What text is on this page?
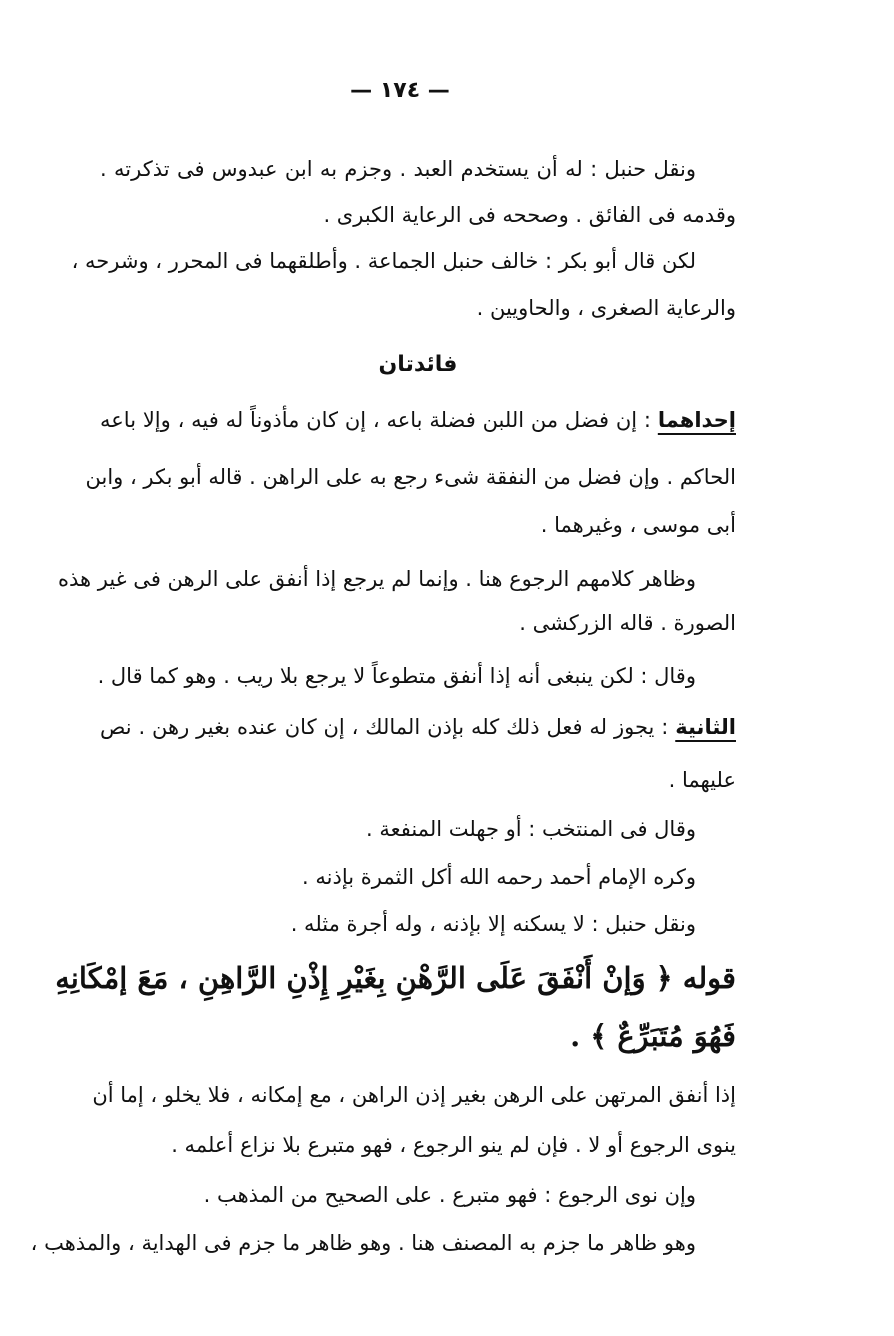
— ١٧٤ —
ونقل حنبل : له أن يستخدم العبد . وجزم به ابن عبدوس فى تذكرته .
وقدمه فى الفائق . وصححه فى الرعاية الكبرى .
لكن قال أبو بكر : خالف حنبل الجماعة . وأطلقهما فى المحرر ، وشرحه ،
والرعاية الصغرى ، والحاويين .
فائدتان
إحداهما : إن فضل من اللبن فضلة باعه ، إن كان مأذوناً له فيه ، وإلا باعه
الحاكم . وإن فضل من النفقة شىء رجع به على الراهن . قاله أبو بكر ، وابن
أبى موسى ، وغيرهما .
وظاهر كلامهم الرجوع هنا . وإنما لم يرجع إذا أنفق على الرهن فى غير هذه
الصورة . قاله الزركشى .
وقال : لكن ينبغى أنه إذا أنفق متطوعاً لا يرجع بلا ريب . وهو كما قال .
الثانية : يجوز له فعل ذلك كله بإذن المالك ، إن كان عنده بغير رهن . نص
عليهما .
وقال فى المنتخب : أو جهلت المنفعة .
وكره الإمام أحمد رحمه الله أكل الثمرة بإذنه .
ونقل حنبل : لا يسكنه إلا بإذنه ، وله أجرة مثله .
قوله ﴿ وَإنْ أَنْفَقَ عَلَى الرَّهْنِ بِغَيْرِ إِذْنِ الرَّاهِنِ ، مَعَ إمْكَانِهِ
فَهُوَ مُتَبَرِّعٌ ﴾ .
إذا أنفق المرتهن على الرهن بغير إذن الراهن ، مع إمكانه ، فلا يخلو ، إما أن
ينوى الرجوع أو لا . فإن لم ينو الرجوع ، فهو متبرع بلا نزاع أعلمه .
وإن نوى الرجوع : فهو متبرع . على الصحيح من المذهب .
وهو ظاهر ما جزم به المصنف هنا . وهو ظاهر ما جزم فى الهداية ، والمذهب ،
